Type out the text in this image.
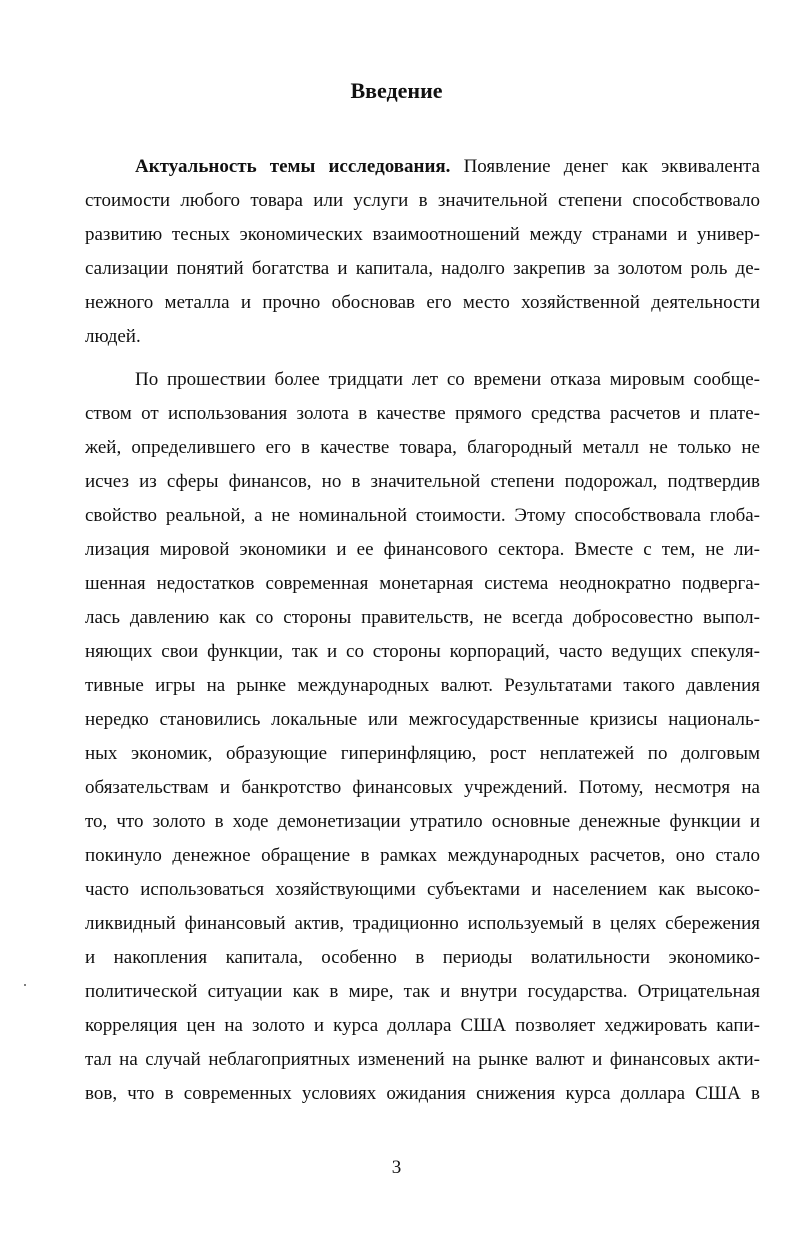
Введение
Актуальность темы исследования. Появление денег как эквивалента
стоимости любого товара или услуги в значительной степени способствовало
развитию тесных экономических взаимоотношений между странами и универ-
сализации понятий богатства и капитала, надолго закрепив за золотом роль де-
нежного металла и прочно обосновав его место хозяйственной деятельности
людей.
По прошествии более тридцати лет со времени отказа мировым сообще-
ством от использования золота в качестве прямого средства расчетов и плате-
жей, определившего его в качестве товара, благородный металл не только не
исчез из сферы финансов, но в значительной степени подорожал, подтвердив
свойство реальной, а не номинальной стоимости. Этому способствовала глоба-
лизация мировой экономики и ее финансового сектора. Вместе с тем, не ли-
шенная недостатков современная монетарная система неоднократно подверга-
лась давлению как со стороны правительств, не всегда добросовестно выпол-
няющих свои функции, так и со стороны корпораций, часто ведущих спекуля-
тивные игры на рынке международных валют. Результатами такого давления
нередко становились локальные или межгосударственные кризисы националь-
ных экономик, образующие гиперинфляцию, рост неплатежей по долговым
обязательствам и банкротство финансовых учреждений. Потому, несмотря на
то, что золото в ходе демонетизации утратило основные денежные функции и
покинуло денежное обращение в рамках международных расчетов, оно стало
часто использоваться хозяйствующими субъектами и населением как высоко-
ликвидный финансовый актив, традиционно используемый в целях сбережения
и накопления капитала, особенно в периоды волатильности экономико-
политической ситуации как в мире, так и внутри государства. Отрицательная
корреляция цен на золото и курса доллара США позволяет хеджировать капи-
тал на случай неблагоприятных изменений на рынке валют и финансовых акти-
вов, что в современных условиях ожидания снижения курса доллара США в
3
